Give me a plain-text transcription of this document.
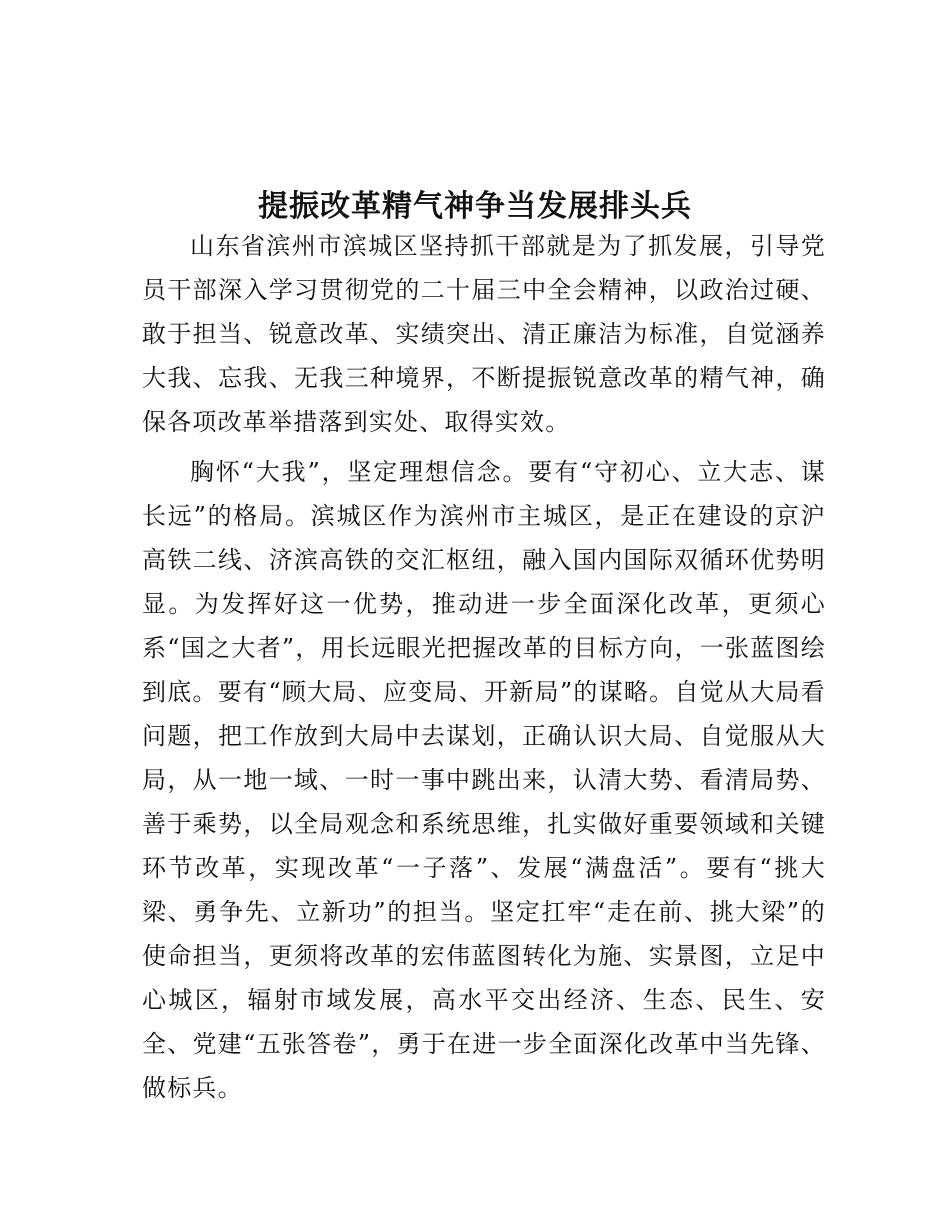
提振改革精气神争当发展排头兵

山东省滨州市滨城区坚持抓干部就是为了抓发展，引导党员干部深入学习贯彻党的二十届三中全会精神，以政治过硬、敢于担当、锐意改革、实绩突出、清正廉洁为标准，自觉涵养大我、忘我、无我三种境界，不断提振锐意改革的精气神，确保各项改革举措落到实处、取得实效。

胸怀“大我”，坚定理想信念。要有“守初心、立大志、谋长远”的格局。滨城区作为滨州市主城区，是正在建设的京沪高铁二线、济滨高铁的交汇枢纽，融入国内国际双循环优势明显。为发挥好这一优势，推动进一步全面深化改革，更须心系“国之大者”，用长远眼光把握改革的目标方向，一张蓝图绘到底。要有“顾大局、应变局、开新局”的谋略。自觉从大局看问题，把工作放到大局中去谋划，正确认识大局、自觉服从大局，从一地一域、一时一事中跳出来，认清大势、看清局势、善于乘势，以全局观念和系统思维，扎实做好重要领域和关键环节改革，实现改革“一子落”、发展“满盘活”。要有“挑大梁、勇争先、立新功”的担当。坚定扛牢“走在前、挑大梁”的使命担当，更须将改革的宏伟蓝图转化为施、实景图，立足中心城区，辐射市域发展，高水平交出经济、生态、民生、安全、党建“五张答卷”，勇于在进一步全面深化改革中当先锋、做标兵。
